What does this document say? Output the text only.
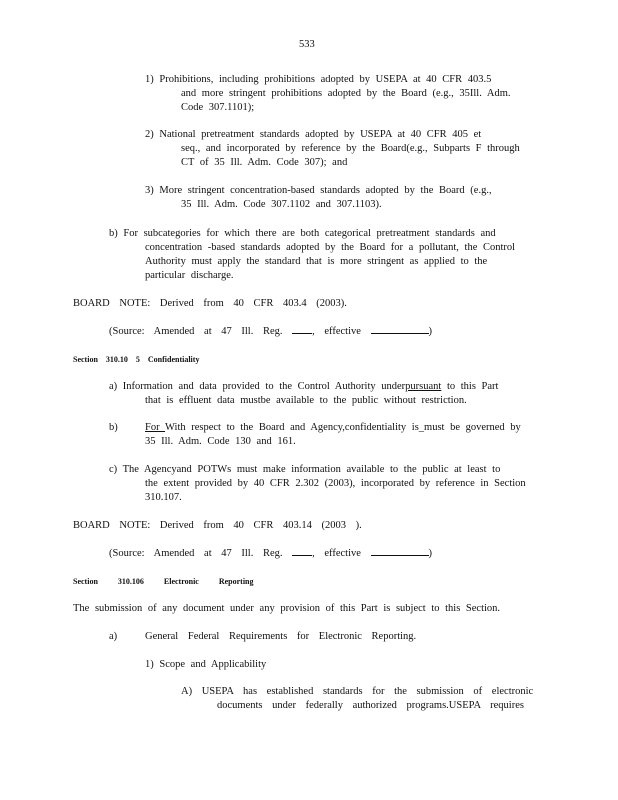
533
1) Prohibitions, including prohibitions adopted by USEPA at 40 CFR 403.5
and more stringent prohibitions adopted by the Board (e.g., 35Ill. Adm.
Code 307.1101);
2) National pretreatment standards adopted by USEPA at 40 CFR 405 et
seq., and incorporated by reference by the Board(e.g., Subparts F through
CT of 35 Ill. Adm. Code 307); and
3) More stringent concentration-based standards adopted by the Board (e.g.,
35 Ill. Adm. Code 307.1102 and 307.1103).
b) For subcategories for which there are both categorical pretreatment standards and
concentration -based standards adopted by the Board for a pollutant, the Control
Authority must apply the standard that is more stringent as applied to the
particular discharge.
BOARD NOTE: Derived from 40 CFR 403.4 (2003).
(Source: Amended at 47 Ill. Reg.	, effective	)
Section 310.10 5 Confidentiality
a) Information and data provided to the Control Authority underpursuant to this Part
that is effluent data mustbe available to the public without restriction.
b)	For With respect to the Board and Agency,confidentiality is_must be governed by
35 Ill. Adm. Code 130 and 161.
c) The Agencyand POTWs must make information available to the public at least to
the extent provided by 40 CFR 2.302 (2003), incorporated by reference in Section
310.107.
BOARD NOTE: Derived from 40 CFR 403.14 (2003 ).
(Source: Amended at 47 Ill. Reg.	, effective	)
Section 310.106 Electronic Reporting
The submission of any document under any provision of this Part is subject to this Section.
a)	General Federal Requirements for Electronic Reporting.
1) Scope and Applicability
A) USEPA has established standards for the submission of electronic
documents under federally authorized programs.USEPA requires
